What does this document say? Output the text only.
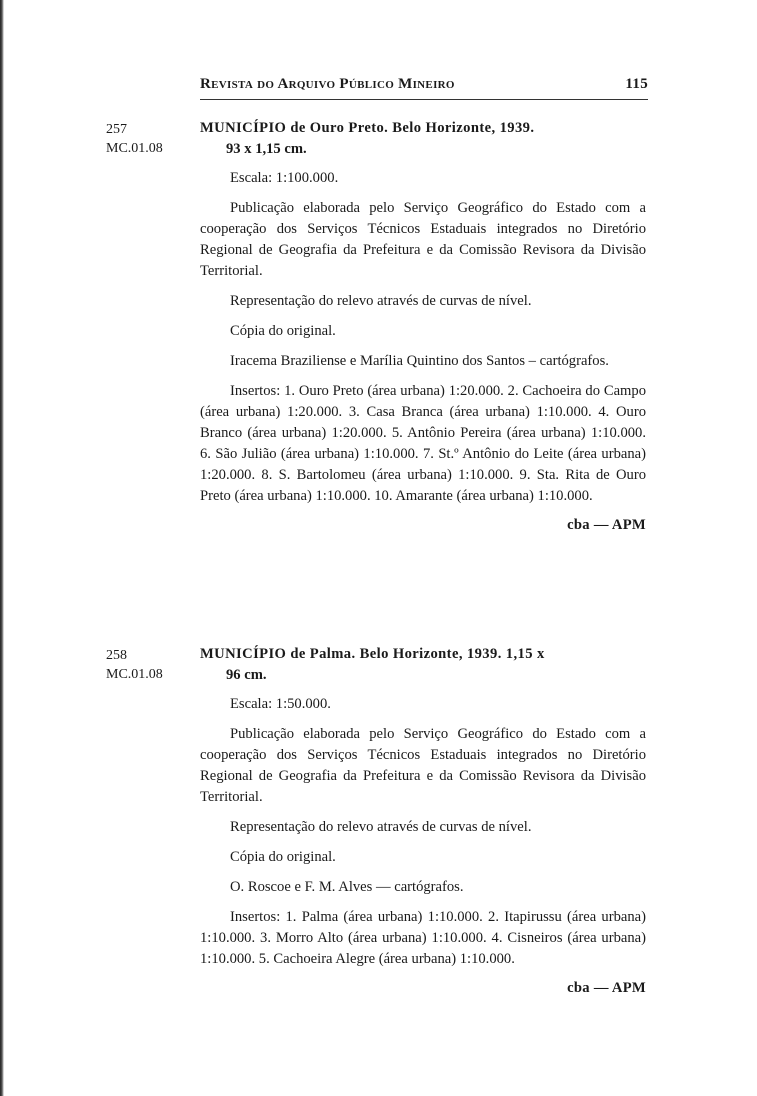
Revista do Arquivo Público Mineiro	115
257
MC.01.08

MUNICÍPIO de Ouro Preto. Belo Horizonte, 1939.
93 x 1,15 cm.

Escala: 1:100.000.

Publicação elaborada pelo Serviço Geográfico do Estado com a cooperação dos Serviços Técnicos Estaduais integrados no Diretório Regional de Geografia da Prefeitura e da Comissão Revisora da Divisão Territorial.

Representação do relevo através de curvas de nível.

Cópia do original.

Iracema Braziliense e Marília Quintino dos Santos – cartógrafos.

Insertos: 1. Ouro Preto (área urbana) 1:20.000. 2. Cachoeira do Campo (área urbana) 1:20.000. 3. Casa Branca (área urbana) 1:10.000. 4. Ouro Branco (área urbana) 1:20.000. 5. Antônio Pereira (área urbana) 1:10.000. 6. São Julião (área urbana) 1:10.000. 7. St.º Antônio do Leite (área urbana) 1:20.000. 8. S. Bartolomeu (área urbana) 1:10.000. 9. Sta. Rita de Ouro Preto (área urbana) 1:10.000. 10. Amarante (área urbana) 1:10.000.

cba — APM

258
MC.01.08

MUNICÍPIO de Palma. Belo Horizonte, 1939. 1,15 x
96 cm.

Escala: 1:50.000.

Publicação elaborada pelo Serviço Geográfico do Estado com a cooperação dos Serviços Técnicos Estaduais integrados no Diretório Regional de Geografia da Prefeitura e da Comissão Revisora da Divisão Territorial.

Representação do relevo através de curvas de nível.

Cópia do original.

O. Roscoe e F. M. Alves — cartógrafos.

Insertos: 1. Palma (área urbana) 1:10.000. 2. Itapirussu (área urbana) 1:10.000. 3. Morro Alto (área urbana) 1:10.000. 4. Cisneiros (área urbana) 1:10.000. 5. Cachoeira Alegre (área urbana) 1:10.000.

cba — APM
